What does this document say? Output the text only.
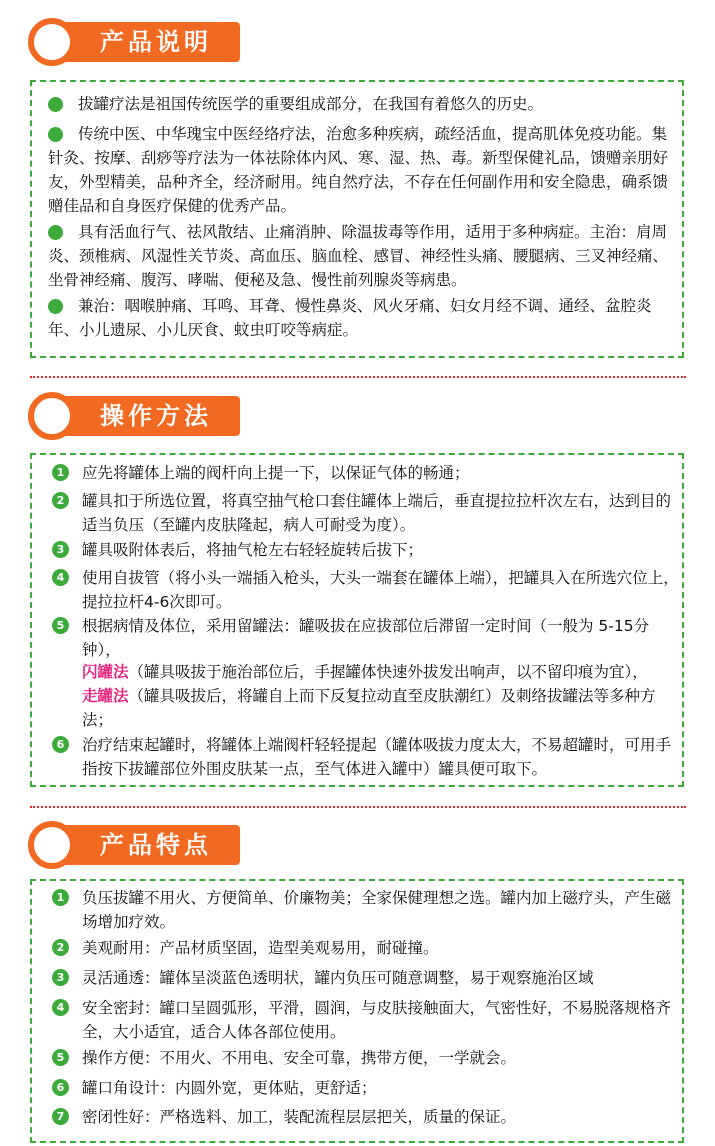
产品说明
拔罐疗法是祖国传统医学的重要组成部分，在我国有着悠久的历史。
传统中医、中华瑰宝中医经络疗法，治愈多种疾病，疏经活血，提高肌体免疫功能。集针灸、按摩、刮痧等疗法为一体祛除体内风、寒、湿、热、毒。新型保健礼品，馈赠亲朋好友，外型精美，品种齐全，经济耐用。纯自然疗法，不存在任何副作用和安全隐患，确系馈赠佳品和自身医疗保健的优秀产品。
具有活血行气、祛风散结、止痛消肿、除温拔毒等作用，适用于多种病症。主治：肩周炎、颈椎病、风湿性关节炎、高血压、脑血栓、感冒、神经性头痛、腰腿病、三叉神经痛、坐骨神经痛、腹泻、哮喘、便秘及急、慢性前列腺炎等病患。
兼治：咽喉肿痛、耳鸣、耳聋、慢性鼻炎、风火牙痛、妇女月经不调、通经、盆腔炎年、小儿遗尿、小儿厌食、蚊虫叮咬等病症。
操作方法
1	应先将罐体上端的阀杆向上提一下，以保证气体的畅通；
2	罐具扣于所选位置，将真空抽气枪口套住罐体上端后，垂直提拉拉杆次左右，达到目的适当负压（至罐内皮肤隆起，病人可耐受为度）。
3	罐具吸附体表后，将抽气枪左右轻轻旋转后拔下；
4	使用自拔管（将小头一端插入枪头，大头一端套在罐体上端），把罐具入在所选穴位上，提拉拉杆4-6次即可。
5	根据病情及体位，采用留罐法：罐吸拔在应拔部位后滞留一定时间（一般为 5-15分钟），
闪罐法（罐具吸拔于施治部位后，手握罐体快速外拔发出响声，以不留印痕为宜），
走罐法（罐具吸拔后，将罐自上而下反复拉动直至皮肤潮红）及刺络拔罐法等多种方法；
6	治疗结束起罐时，将罐体上端阀杆轻轻提起（罐体吸拔力度太大，不易超罐时，可用手指按下拔罐部位外围皮肤某一点，至气体进入罐中）罐具便可取下。
产品特点
1	负压拔罐不用火、方便简单、价廉物美；全家保健理想之选。罐内加上磁疗头，产生磁场增加疗效。
2	美观耐用：产品材质坚固，造型美观易用，耐碰撞。
3	灵活通透：罐体呈淡蓝色透明状，罐内负压可随意调整，易于观察施治区域
4	安全密封：罐口呈圆弧形，平滑，圆润，与皮肤接触面大，气密性好，不易脱落规格齐全，大小适宜，适合人体各部位使用。
5	操作方便：不用火、不用电、安全可靠，携带方便，一学就会。
6	罐口角设计：内圆外宽，更体贴，更舒适；
7	密闭性好：严格选料、加工，装配流程层层把关，质量的保证。
